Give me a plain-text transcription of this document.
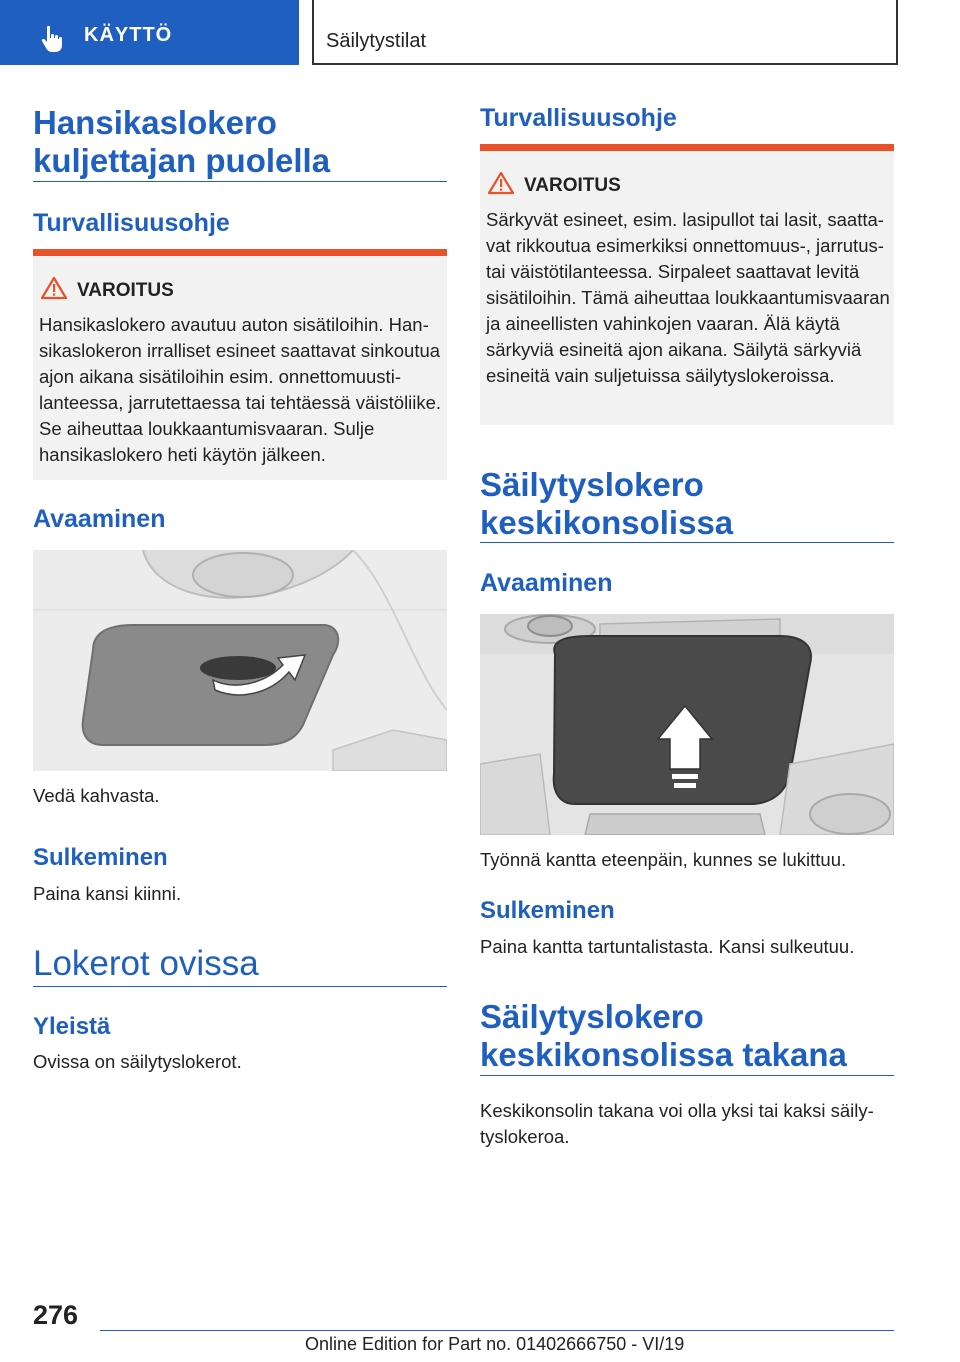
KÄYTTÖ	Säilytystilat
Hansikaslokero kuljettajan puolella
Turvallisuusohje
VAROITUS
Hansikaslokero avautuu auton sisätiloihin. Hansikaslokeron irralliset esineet saattavat sinkoutua ajon aikana sisätiloihin esim. onnettomuustilanteessa, jarrutettaessa tai tehtäessä väistöliike. Se aiheuttaa loukkaantumisvaaran. Sulje hansikaslokero heti käytön jälkeen.
Avaaminen
Vedä kahvasta.
Sulkeminen
Paina kansi kiinni.
Lokerot ovissa
Yleistä
Ovissa on säilytyslokerot.
Turvallisuusohje
VAROITUS
Särkyvät esineet, esim. lasipullot tai lasit, saattavat rikkoutua esimerkiksi onnettomuus-, jarrutus- tai väistötilanteessa. Sirpaleet saattavat levitä sisätiloihin. Tämä aiheuttaa loukkaantumisvaaran ja aineellisten vahinkojen vaaran. Älä käytä särkyviä esineitä ajon aikana. Säilytä särkyviä esineitä vain suljetuissa säilytyslokeroissa.
Säilytyslokero keskikonsolissa
Avaaminen
Työnnä kantta eteenpäin, kunnes se lukittuu.
Sulkeminen
Paina kantta tartuntalistasta. Kansi sulkeutuu.
Säilytyslokero keskikonsolissa takana
Keskikonsolin takana voi olla yksi tai kaksi säilytyslokeroa.
276
Online Edition for Part no. 01402666750 - VI/19
